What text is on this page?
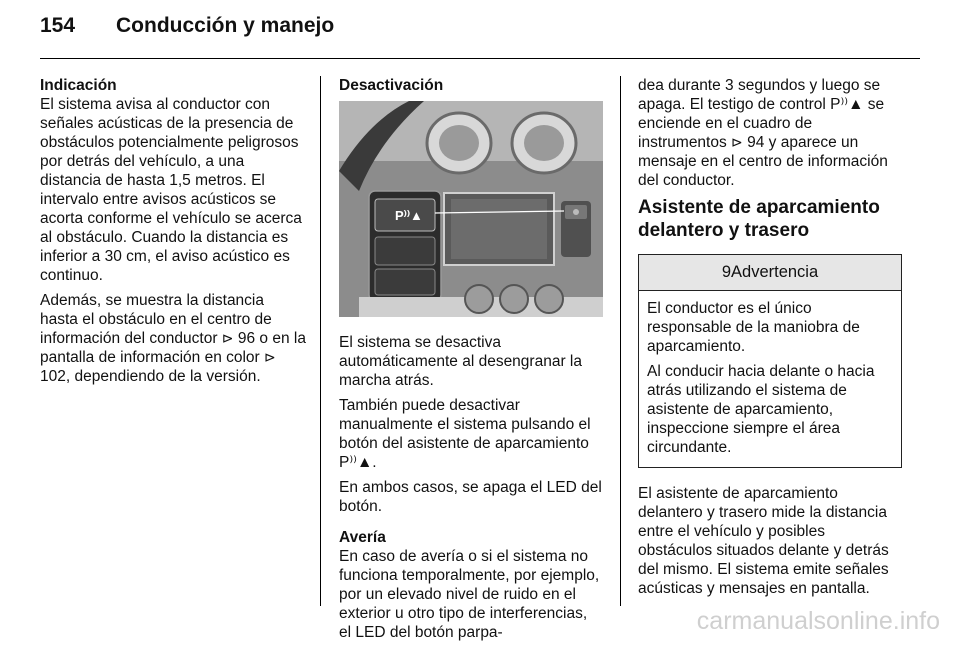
154 Conducción y manejo
Indicación

El sistema avisa al conductor con señales acústicas de la presencia de obstáculos potencialmente peligrosos por detrás del vehículo, a una distancia de hasta 1,5 metros. El intervalo entre avisos acústicos se acorta conforme el vehículo se acerca al obstáculo. Cuando la distancia es inferior a 30 cm, el aviso acústico es continuo.

Además, se muestra la distancia hasta el obstáculo en el centro de información del conductor ⊳ 96 o en la pantalla de información en color ⊳ 102, dependiendo de la versión.

Desactivación
P⁾⁾▲

El sistema se desactiva automáticamente al desengranar la marcha atrás.

También puede desactivar manualmente el sistema pulsando el botón del asistente de aparcamiento P⁾⁾▲.

En ambos casos, se apaga el LED del botón.

Avería

En caso de avería o si el sistema no funciona temporalmente, por ejemplo, por un elevado nivel de ruido en el exterior u otro tipo de interferencias, el LED del botón parpa-

dea durante 3 segundos y luego se apaga. El testigo de control P⁾⁾▲ se enciende en el cuadro de instrumentos ⊳ 94 y aparece un mensaje en el centro de información del conductor.

Asistente de aparcamiento delantero y trasero
9Advertencia

El conductor es el único responsable de la maniobra de aparcamiento.

Al conducir hacia delante o hacia atrás utilizando el sistema de asistente de aparcamiento, inspeccione siempre el área circundante.

El asistente de aparcamiento delantero y trasero mide la distancia entre el vehículo y posibles obstáculos situados delante y detrás del mismo. El sistema emite señales acústicas y mensajes en pantalla.

carmanualsonline.info
